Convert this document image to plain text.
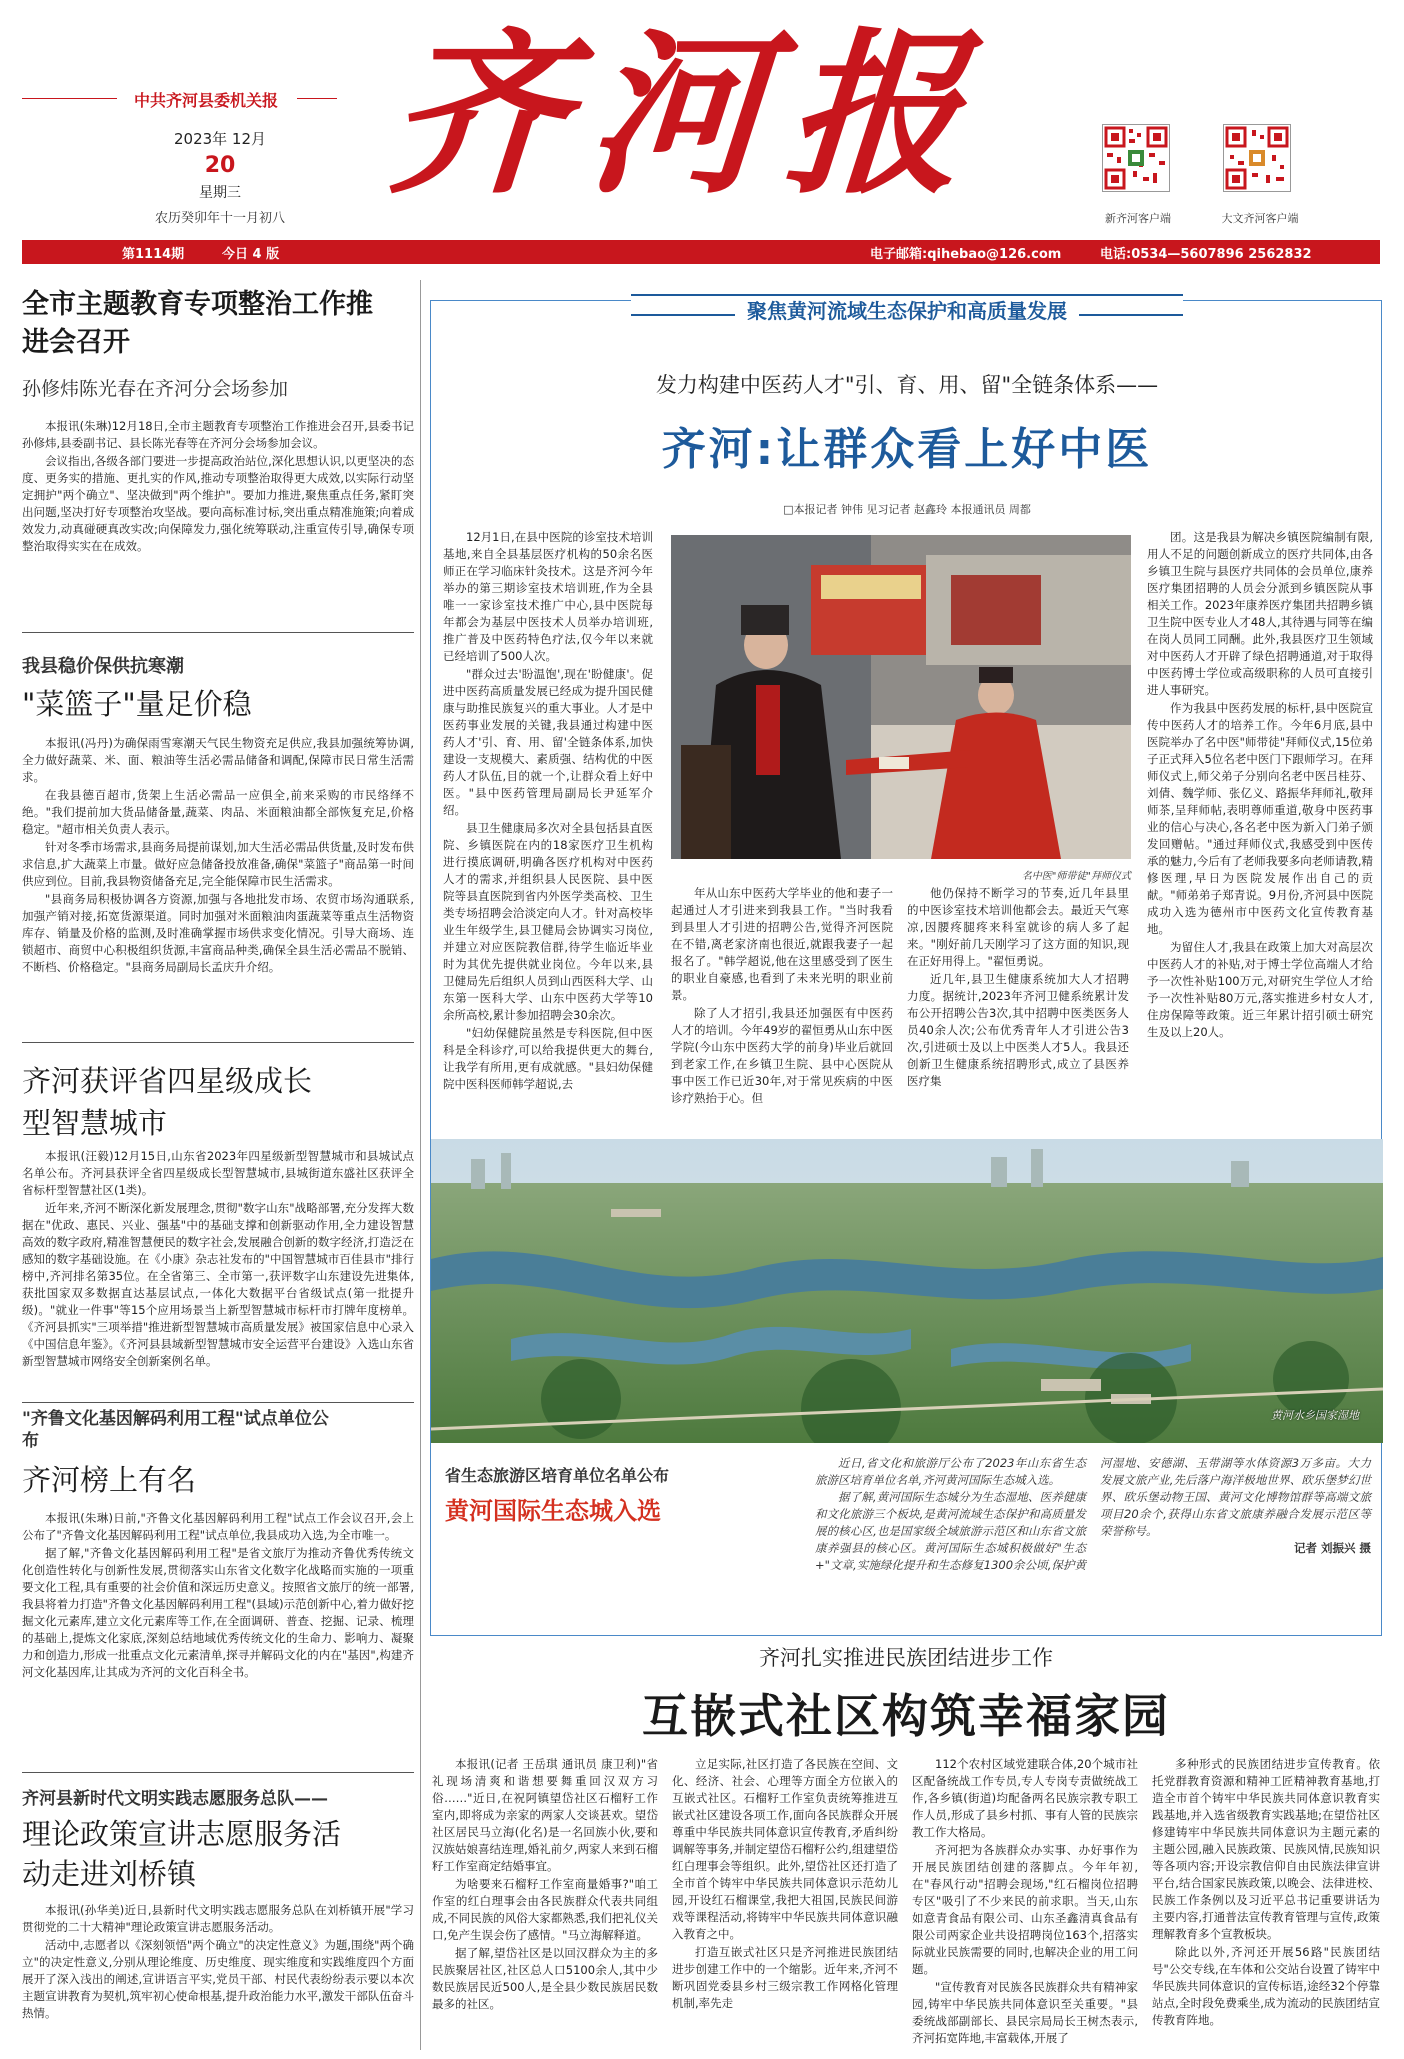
中共齐河县委机关报
2023年 12月
20
星期三
农历癸卯年十一月初八
齐河报
新齐河客户端	大文齐河客户端
第1114期	今日 4 版	电子邮箱:qihebao@126.com	电话:0534—5607896 2562832
全市主题教育专项整治工作推进会召开
孙修炜陈光春在齐河分会场参加

本报讯(朱琳)12月18日,全市主题教育专项整治工作推进会召开,县委书记孙修炜,县委副书记、县长陈光春等在齐河分会场参加会议。

会议指出,各级各部门要进一步提高政治站位,深化思想认识,以更坚决的态度、更务实的措施、更扎实的作风,推动专项整治取得更大成效,以实际行动坚定拥护"两个确立"、坚决做到"两个维护"。要加力推进,聚焦重点任务,紧盯突出问题,坚决打好专项整治攻坚战。要向高标准讨标,突出重点精准施策;向着成效发力,动真碰硬真改实改;向保障发力,强化统筹联动,注重宣传引导,确保专项整治取得实实在在成效。

我县稳价保供抗寒潮
"菜篮子"量足价稳

本报讯(冯丹)为确保雨雪寒潮天气民生物资充足供应,我县加强统筹协调,全力做好蔬菜、米、面、粮油等生活必需品储备和调配,保障市民日常生活需求。

在我县德百超市,货架上生活必需品一应俱全,前来采购的市民络绎不绝。"我们提前加大货品储备量,蔬菜、肉品、米面粮油都全部恢复充足,价格稳定。"超市相关负责人表示。

针对冬季市场需求,县商务局提前谋划,加大生活必需品供货量,及时发布供求信息,扩大蔬菜上市量。做好应急储备投放准备,确保"菜篮子"商品第一时间供应到位。目前,我县物资储备充足,完全能保障市民生活需求。

"县商务局积极协调各方资源,加强与各地批发市场、农贸市场沟通联系,加强产销对接,拓宽货源渠道。同时加强对米面粮油肉蛋蔬菜等重点生活物资库存、销量及价格的监测,及时准确掌握市场供求变化情况。引导大商场、连锁超市、商贸中心积极组织货源,丰富商品种类,确保全县生活必需品不脱销、不断档、价格稳定。"县商务局副局长孟庆升介绍。

齐河获评省四星级成长型智慧城市

本报讯(汪毅)12月15日,山东省2023年四星级新型智慧城市和县城试点名单公布。齐河县获评全省四星级成长型智慧城市,县城街道东盛社区获评全省标杆型智慧社区(1类)。

近年来,齐河不断深化新发展理念,贯彻"数字山东"战略部署,充分发挥大数据在"优政、惠民、兴业、强基"中的基础支撑和创新驱动作用,全力建设智慧高效的数字政府,精准智慧便民的数字社会,发展融合创新的数字经济,打造泛在感知的数字基础设施。在《小康》杂志社发布的"中国智慧城市百佳县市"排行榜中,齐河排名第35位。在全省第三、全市第一,获评数字山东建设先进集体,获批国家双多数据直达基层试点,一体化大数据平台省级试点(第一批提升级)。"就业一件事"等15个应用场景当上新型智慧城市标杆市打牌年度榜单。《齐河县抓实"三项举措"推进新型智慧城市高质量发展》被国家信息中心录入《中国信息年鉴》。《齐河县县域新型智慧城市安全运营平台建设》入选山东省新型智慧城市网络安全创新案例名单。

"齐鲁文化基因解码利用工程"试点单位公布
齐河榜上有名

本报讯(朱琳)日前,"齐鲁文化基因解码利用工程"试点工作会议召开,会上公布了"齐鲁文化基因解码利用工程"试点单位,我县成功入选,为全市唯一。

据了解,"齐鲁文化基因解码利用工程"是省文旅厅为推动齐鲁优秀传统文化创造性转化与创新性发展,贯彻落实山东省文化数字化战略而实施的一项重要文化工程,具有重要的社会价值和深远历史意义。按照省文旅厅的统一部署,我县将着力打造"齐鲁文化基因解码利用工程"(县域)示范创新中心,着力做好挖掘文化元素库,建立文化元素库等工作,在全面调研、普查、挖掘、记录、梳理的基础上,提炼文化家底,深刻总结地域优秀传统文化的生命力、影响力、凝聚力和创造力,形成一批重点文化元素清单,探寻并解码文化的内在"基因",构建齐河文化基因库,让其成为齐河的文化百科全书。

齐河县新时代文明实践志愿服务总队——
理论政策宣讲志愿服务活动走进刘桥镇

本报讯(孙华美)近日,县新时代文明实践志愿服务总队在刘桥镇开展"学习贯彻党的二十大精神"理论政策宣讲志愿服务活动。

活动中,志愿者以《深刻领悟"两个确立"的决定性意义》为题,围绕"两个确立"的决定性意义,分别从理论维度、历史维度、现实维度和实践维度四个方面展开了深入浅出的阐述,宣讲语言平实,党员干部、村民代表纷纷表示要以本次主题宣讲教育为契机,筑牢初心使命根基,提升政治能力水平,激发干部队伍奋斗热情。

聚焦黄河流域生态保护和高质量发展
发力构建中医药人才"引、育、用、留"全链条体系——
齐河:让群众看上好中医
□本报记者 钟伟 见习记者 赵鑫玲 本报通讯员 周都

12月1日,在县中医院的诊室技术培训基地,来自全县基层医疗机构的50余名医师正在学习临床针灸技术。这是齐河今年举办的第三期诊室技术培训班,作为全县唯一一家诊室技术推广中心,县中医院每年都会为基层中医技术人员举办培训班,推广普及中医药特色疗法,仅今年以来就已经培训了500人次。

"群众过去'盼温饱',现在'盼健康'。促进中医药高质量发展已经成为提升国民健康与助推民族复兴的重大事业。人才是中医药事业发展的关键,我县通过构建中医药人才'引、育、用、留'全链条体系,加快建设一支规模大、素质强、结构优的中医药人才队伍,目的就一个,让群众看上好中医。"县中医药管理局副局长尹延军介绍。

县卫生健康局多次对全县包括县直医院、乡镇医院在内的18家医疗卫生机构进行摸底调研,明确各医疗机构对中医药人才的需求,并组织县人民医院、县中医院等县直医院到省内外医学类高校、卫生类专场招聘会洽淡定向人才。针对高校毕业生年级学生,县卫健局会协调实习岗位,并建立对应医院教信群,待学生临近毕业时为其优先提供就业岗位。今年以来,县卫健局先后组织人员到山西医科大学、山东第一医科大学、山东中医药大学等10余所高校,累计参加招聘会30余次。

"妇幼保健院虽然是专科医院,但中医科是全科诊疗,可以给我提供更大的舞台,让我学有所用,更有成就感。"县妇幼保健院中医科医师韩学超说,去

名中医"师带徒"拜师仪式

年从山东中医药大学毕业的他和妻子一起通过人才引进来到我县工作。"当时我看到县里人才引进的招聘公告,觉得齐河医院在不错,离老家济南也很近,就跟我妻子一起报名了。"韩学超说,他在这里感受到了医生的职业自豪感,也看到了未来光明的职业前景。

除了人才招引,我县还加强医有中医药人才的培训。今年49岁的翟恒勇从山东中医学院(今山东中医药大学的前身)毕业后就回到老家工作,在乡镇卫生院、县中心医院从事中医工作已近30年,对于常见疾病的中医诊疗熟抬于心。但

他仍保持不断学习的节奏,近几年县里的中医诊室技术培训他都会去。最近天气寒凉,因腰疼腿疼来科室就诊的病人多了起来。"刚好前几天刚学习了这方面的知识,现在正好用得上。"翟恒勇说。

近几年,县卫生健康系统加大人才招聘力度。据统计,2023年齐河卫健系统累计发布公开招聘公告3次,其中招聘中医类医务人员40余人次;公布优秀青年人才引进公告3次,引进硕士及以上中医类人才5人。我县还创新卫生健康系统招聘形式,成立了县医养医疗集

团。这是我县为解决乡镇医院编制有限,用人不足的问题创新成立的医疗共同体,由各乡镇卫生院与县医疗共同体的会员单位,康养医疗集团招聘的人员会分派到乡镇医院从事相关工作。2023年康养医疗集团共招聘乡镇卫生院中医专业人才48人,其待遇与同等在编在岗人员同工同酬。此外,我县医疗卫生领域对中医药人才开辟了绿色招聘通道,对于取得中医药博士学位或高级职称的人员可直接引进人事研究。

作为我县中医药发展的标杆,县中医院宣传中医药人才的培养工作。今年6月底,县中医院举办了名中医"师带徒"拜师仪式,15位弟子正式拜入5位名老中医门下跟师学习。在拜师仪式上,师父弟子分别向名老中医吕桂芬、刘倩、魏学师、张亿义、路振华拜师礼,敬拜师茶,呈拜师帖,表明尊师重道,敬身中医药事业的信心与决心,各名老中医为新入门弟子颁发回赠帖。"通过拜师仪式,我感受到中医传承的魅力,今后有了老师我要多向老师请教,精修医理,早日为医院发展作出自己的贡献。"师弟弟子郑青说。9月份,齐河县中医院成功入选为德州市中医药文化宣传教育基地。

为留住人才,我县在政策上加大对高层次中医药人才的补贴,对于博士学位高端人才给予一次性补贴100万元,对研究生学位人才给予一次性补贴80万元,落实推进乡村女人才,住房保障等政策。近三年累计招引硕士研究生及以上20人。

黄河水乡国家湿地
省生态旅游区培育单位名单公布
黄河国际生态城入选

近日,省文化和旅游厅公布了2023年山东省生态旅游区培育单位名单,齐河黄河国际生态城入选。

据了解,黄河国际生态城分为生态湿地、医养健康和文化旅游三个板块,是黄河流域生态保护和高质量发展的核心区,也是国家级全域旅游示范区和山东省文旅康养强县的核心区。黄河国际生态城积极做好"生态+"文章,实施绿化提升和生态修复1300余公顷,保护黄河湿地、安德湖、玉带湖等水体资源3万多亩。大力发展文旅产业,先后落户海洋极地世界、欧乐堡梦幻世界、欧乐堡动物王国、黄河文化博物馆群等高端文旅项目20余个,获得山东省文旅康养融合发展示范区等荣誉称号。

记者 刘振兴 摄
齐河扎实推进民族团结进步工作
互嵌式社区构筑幸福家园

本报讯(记者 王岳琪 通讯员 康卫利)"省礼现场清爽和谐想要舞重回汉双方习俗……"近日,在祝阿镇望岱社区石榴籽工作室内,即将成为亲家的两家人交谈甚欢。望岱社区居民马立海(化名)是一名回族小伙,要和汉族姑娘喜结连理,婚礼前夕,两家人来到石榴籽工作室商定结婚事宜。

为啥要来石榴籽工作室商量婚事?"咱工作室的红白理事会由各民族群众代表共同组成,不同民族的风俗大家都熟悉,我们把礼仪关口,免产生误会伤了感情。"马立海解释道。

据了解,望岱社区是以回汉群众为主的多民族聚居社区,社区总人口5100余人,其中少数民族居民近500人,是全县少数民族居民数最多的社区。

立足实际,社区打造了各民族在空间、文化、经济、社会、心理等方面全方位嵌入的互嵌式社区。石榴籽工作室负责统筹推进互嵌式社区建设各项工作,面向各民族群众开展尊重中华民族共同体意识宣传教育,矛盾纠纷调解等事务,并制定望岱石榴籽公约,组建望岱红白理事会等组织。此外,望岱社区还打造了全市首个铸牢中华民族共同体意识示范幼儿园,开设红石榴课堂,我把大祖国,民族民间游戏等课程活动,将铸牢中华民族共同体意识融入教育之中。

打造互嵌式社区只是齐河推进民族团结进步创建工作中的一个缩影。近年来,齐河不断巩固党委县乡村三级宗教工作网格化管理机制,率先走

112个农村区域党建联合体,20个城市社区配备统战工作专员,专人专岗专责做统战工作,各乡镇(街道)均配备两名民族宗教专职工作人员,形成了县乡村抓、事有人管的民族宗教工作大格局。

齐河把为各族群众办实事、办好事作为开展民族团结创建的落脚点。今年年初,在"春风行动"招聘会现场,"红石榴岗位招聘专区"吸引了不少来民的前求职。当天,山东如意青食品有限公司、山东圣鑫清真食品有限公司两家企业共设招聘岗位163个,招落实际就业民族需要的同时,也解决企业的用工问题。

"宣传教育对民族各民族群众共有精神家园,铸牢中华民族共同体意识至关重要。"县委统战部副部长、县民宗局局长王树杰表示,齐河拓宽阵地,丰富载体,开展了

多种形式的民族团结进步宣传教育。依托党群教育资源和精神工匠精神教育基地,打造全市首个铸牢中华民族共同体意识教育实践基地,并入选省级教育实践基地;在望岱社区修建铸牢中华民族共同体意识为主题元素的主题公园,融入民族政策、民族风情,民族知识等各项内容;开设宗教信仰自由民族法律宣讲平台,结合国家民族政策,以晚会、法律进校、民族工作条例以及习近平总书记重要讲话为主要内容,打通普法宣传教育管理与宣传,政策理解教育多个宣教板块。

除此以外,齐河还开展56路"民族团结号"公交专线,在车体和公交站台设置了铸牢中华民族共同体意识的宣传标语,途经32个停靠站点,全时段免费乘坐,成为流动的民族团结宣传教育阵地。
